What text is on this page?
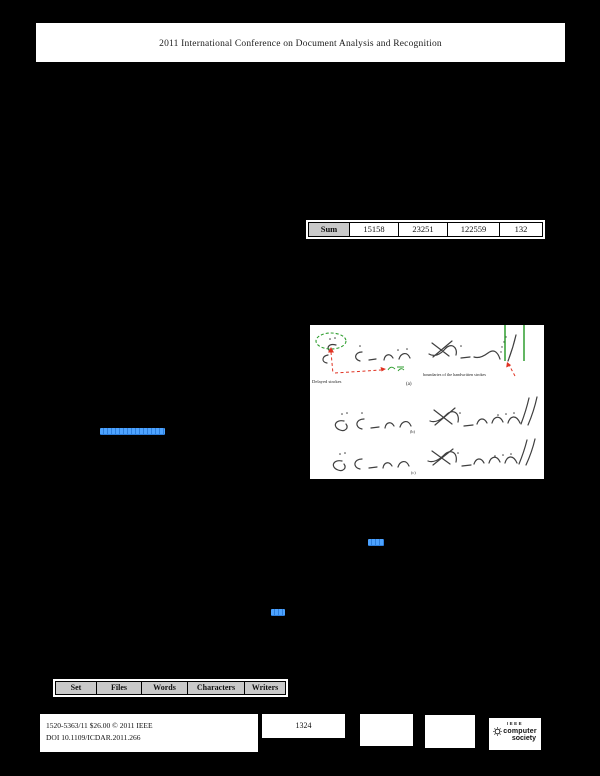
2011 International Conference on Document Analysis and Recognition
Sum	15158	23251	122559	132
Delayed strokes
boundaries of the handwritten strokes
(a)
(b)
(c)
Set	Files	Words	Characters	Writers
1520-5363/11 $26.00 © 2011 IEEE
DOI 10.1109/ICDAR.2011.266
1324	IEEE
computer
society
